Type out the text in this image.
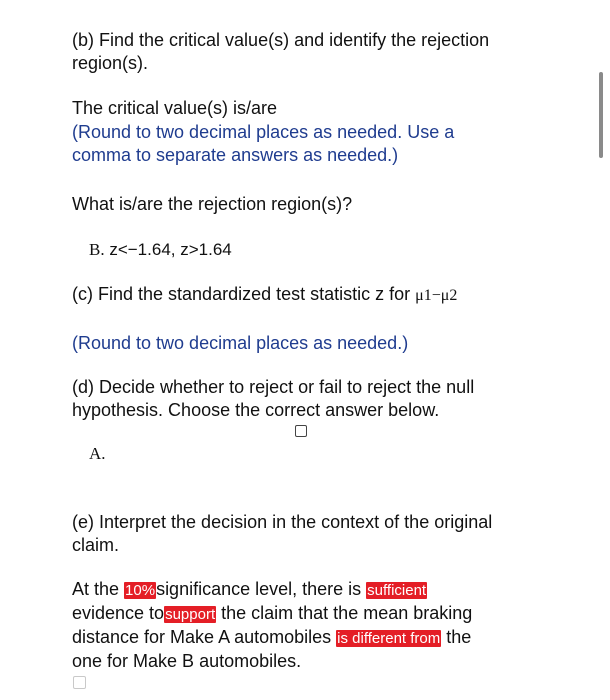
(b) Find the critical value(s) and identify the rejection

region(s).

The critical value(s) is/are

(Round to two decimal places as needed. Use a

comma to separate answers as needed.)

What is/are the rejection region(s)?

B. z<−1.64, z>1.64

(c) Find the standardized test statistic z for μ1−μ2

(Round to two decimal places as needed.)

(d) Decide whether to reject or fail to reject the null

hypothesis. Choose the correct answer below.

A.

(e) Interpret the decision in the context of the original

claim.

At the 10%significance level, there is sufficient

evidence tosupport the claim that the mean braking

distance for Make A automobiles is different from the

one for Make B automobiles.
